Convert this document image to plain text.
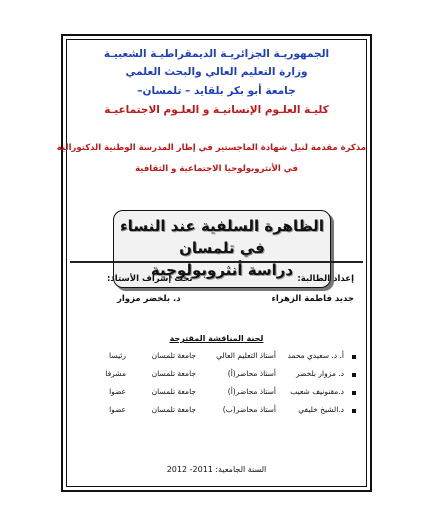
الجمهوريـة الجزائريـة الديمقراطيـة الشعبيـة
وزارة التعليم العالي والبحث العلمي
جامعة أبو بكر بلقايد – تلمسان–
كليـة العلـوم الإنسانيـة و العلـوم الاجتماعيـة
مذكرة مقدمة لنيل شهادة الماجستير في إطار المدرسة الوطنية الدكتورالية
في الأنثروبولوجيا الاجتماعية و الثقافية
الظاهرة السلفية عند النساء
في تلمسان
دراسة أنثروبولوجية إعداد الطالبة:
تحت إشراف الأستاذ:
جديد فاطمة الزهراء
د. بلخضر مزوار
لجنة المناقشة المقترحة
أ. د. سعيدي محمد
أستاذ التعليم العالي
جامعة تلمسان
رئيسا
د. مزوار بلخضر
أستاذ محاضر(أ)
جامعة تلمسان
مشرفا
د.مقنونيف شعيب
أستاذ محاضر(أ)
جامعة تلمسان
عضوا
د.الشيخ خليفي
أستاذ محاضر(ب)
جامعة تلمسان
عضوا
السنة الجامعية: 2011- 2012
